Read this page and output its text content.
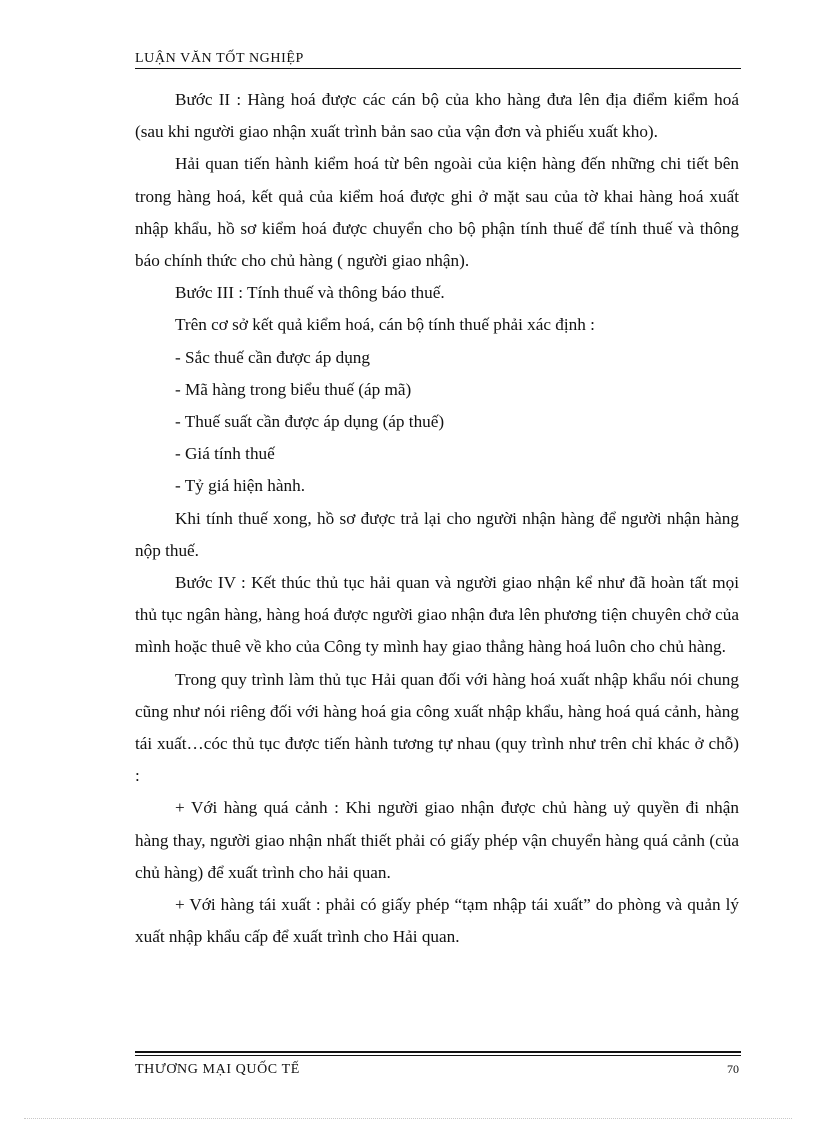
LUẬN VĂN TỐT NGHIỆP

Bước II : Hàng hoá được các cán bộ của kho hàng đưa lên địa điểm kiểm hoá (sau khi người giao nhận xuất trình bản sao của vận đơn và phiếu xuất kho).

Hải quan tiến hành kiểm hoá từ bên ngoài của kiện hàng đến những chi tiết bên trong hàng hoá, kết quả của kiểm hoá được ghi ở mặt sau của tờ khai hàng hoá xuất nhập khẩu, hồ sơ kiểm hoá được chuyển cho bộ phận tính thuế để tính thuế và thông báo chính thức cho chủ hàng ( người giao nhận).

Bước III : Tính thuế và thông báo thuế.

Trên cơ sở kết quả kiểm hoá, cán bộ tính thuế phải xác định :

- Sắc thuế cần được áp dụng

- Mã hàng trong biểu thuế (áp mã)

- Thuế suất cần được áp dụng (áp thuế)

- Giá tính thuế

- Tỷ giá hiện hành.

Khi tính thuế xong, hồ sơ được trả lại cho người nhận hàng để người nhận hàng nộp thuế.

Bước IV : Kết thúc thủ tục hải quan và người giao nhận kể như đã hoàn tất mọi thủ tục ngân hàng, hàng hoá được người giao nhận đưa lên phương tiện chuyên chở của mình hoặc thuê về kho của Công ty mình hay giao thẳng hàng hoá luôn cho chủ hàng.

Trong quy trình làm thủ tục Hải quan đối với hàng hoá xuất nhập khẩu nói chung cũng như nói riêng đối với hàng hoá gia công xuất nhập khẩu, hàng hoá quá cảnh, hàng tái xuất…cóc thủ tục được tiến hành tương tự nhau (quy trình như trên chỉ khác ở chỗ) :

+ Với hàng quá cảnh : Khi người giao nhận được chủ hàng uỷ quyền đi nhận hàng thay, người giao nhận nhất thiết phải có giấy phép vận chuyển hàng quá cảnh (của chủ hàng) để xuất trình cho hải quan.

+ Với hàng tái xuất : phải có giấy phép “tạm nhập tái xuất” do phòng và quản lý xuất nhập khẩu cấp để xuất trình cho Hải quan.

THƯƠNG MẠI QUỐC TẾ	70
